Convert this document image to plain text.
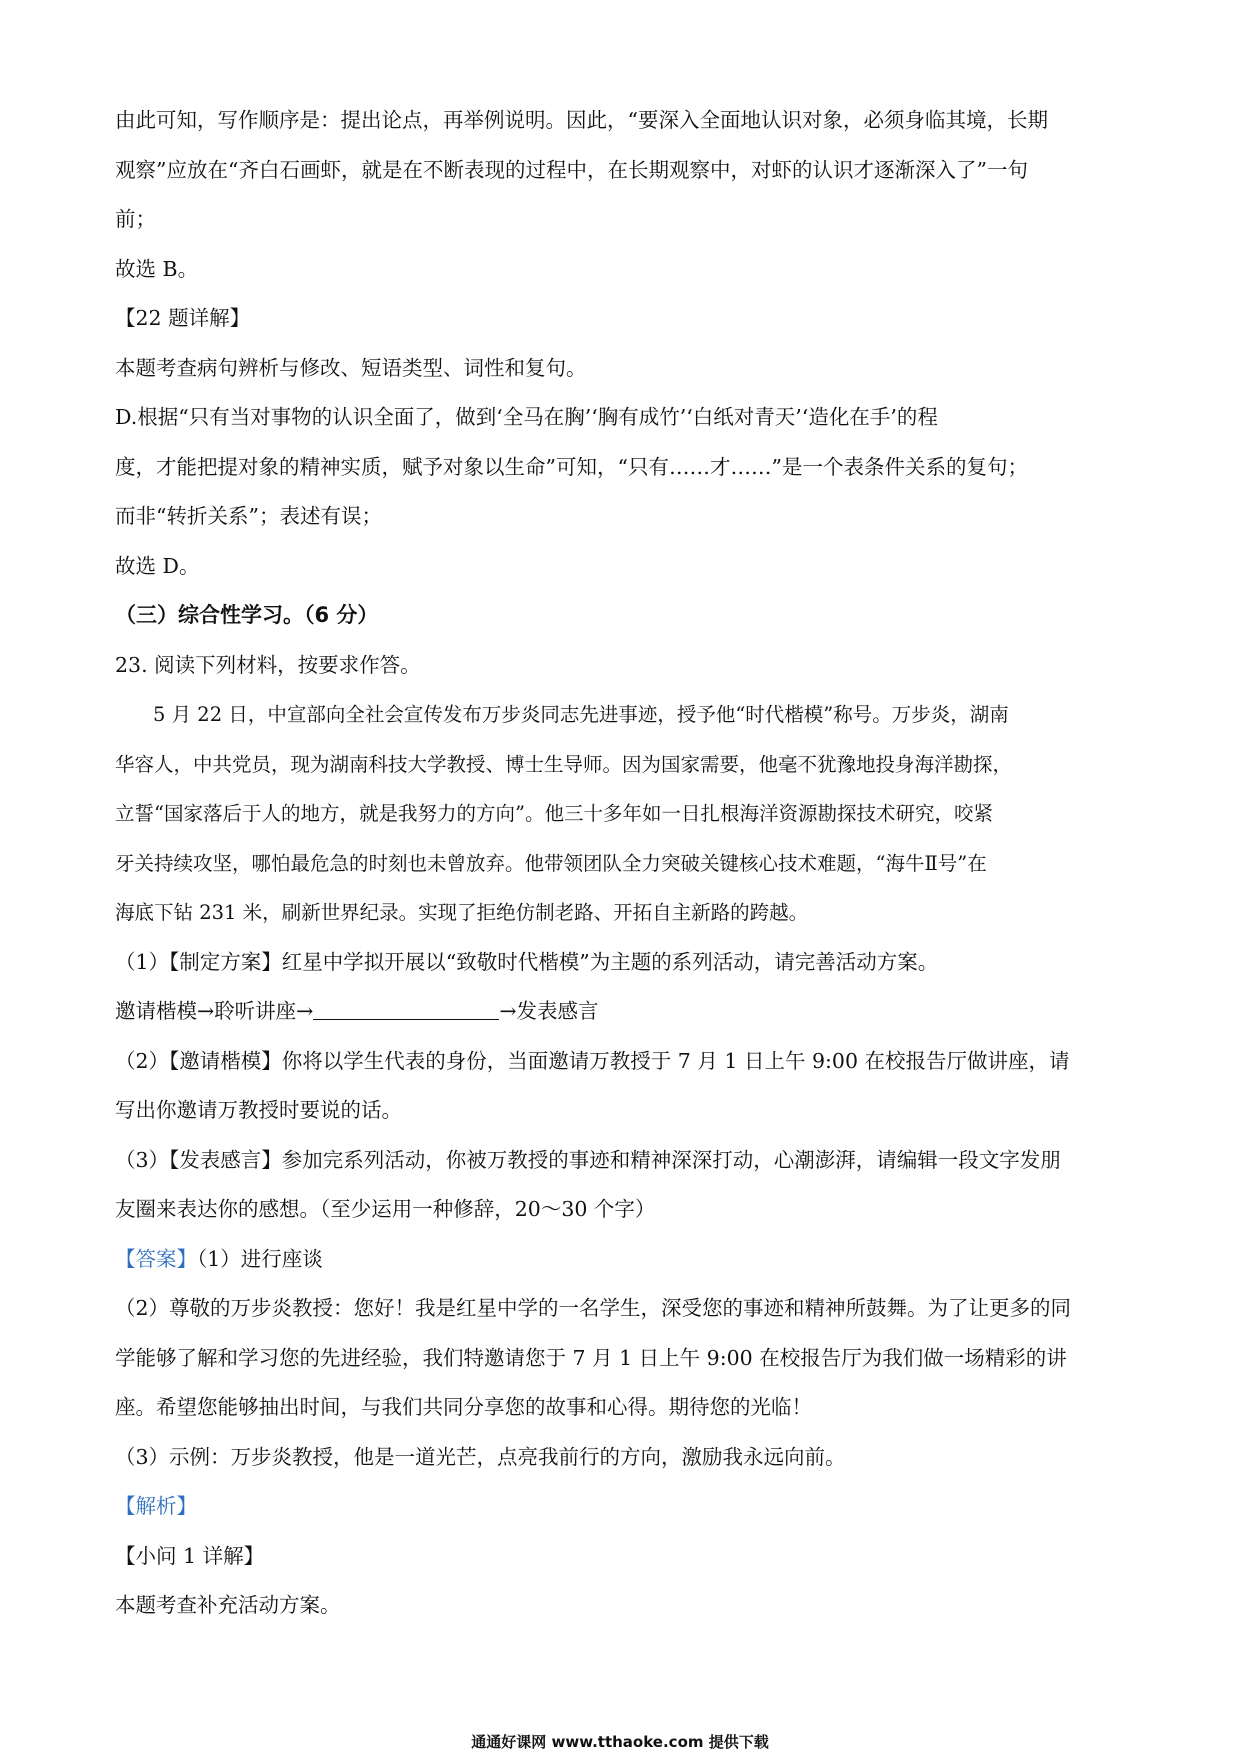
由此可知，写作顺序是：提出论点，再举例说明。因此，“要深入全面地认识对象，必须身临其境，长期
观察”应放在“齐白石画虾，就是在不断表现的过程中，在长期观察中，对虾的认识才逐渐深入了”一句
前；
故选 B。
【22 题详解】
本题考查病句辨析与修改、短语类型、词性和复句。
D.根据“只有当对事物的认识全面了，做到‘全马在胸’‘胸有成竹’‘白纸对青天’‘造化在手’的程
度，才能把提对象的精神实质，赋予对象以生命”可知，“只有……才……”是一个表条件关系的复句；
而非“转折关系”；表述有误；
故选 D。
（三）综合性学习。（6 分）
23. 阅读下列材料，按要求作答。
5 月 22 日，中宣部向全社会宣传发布万步炎同志先进事迹，授予他“时代楷模”称号。万步炎，湖南
华容人，中共党员，现为湖南科技大学教授、博士生导师。因为国家需要，他毫不犹豫地投身海洋勘探，
立誓“国家落后于人的地方，就是我努力的方向”。他三十多年如一日扎根海洋资源勘探技术研究，咬紧
牙关持续攻坚，哪怕最危急的时刻也未曾放弃。他带领团队全力突破关键核心技术难题，“海牛Ⅱ号”在
海底下钻 231 米，刷新世界纪录。实现了拒绝仿制老路、开拓自主新路的跨越。
（1）【制定方案】红星中学拟开展以“致敬时代楷模”为主题的系列活动，请完善活动方案。
邀请楷模→聆听讲座→	→发表感言
（2）【邀请楷模】你将以学生代表的身份，当面邀请万教授于 7 月 1 日上午 9:00 在校报告厅做讲座，请
写出你邀请万教授时要说的话。
（3）【发表感言】参加完系列活动，你被万教授的事迹和精神深深打动，心潮澎湃，请编辑一段文字发朋
友圈来表达你的感想。（至少运用一种修辞，20～30 个字）
【答案】（1）进行座谈
（2）尊敬的万步炎教授：您好！我是红星中学的一名学生，深受您的事迹和精神所鼓舞。为了让更多的同
学能够了解和学习您的先进经验，我们特邀请您于 7 月 1 日上午 9:00 在校报告厅为我们做一场精彩的讲
座。希望您能够抽出时间，与我们共同分享您的故事和心得。期待您的光临！
（3）示例：万步炎教授，他是一道光芒，点亮我前行的方向，激励我永远向前。
【解析】
【小问 1 详解】
本题考查补充活动方案。
通通好课网 www.tthaoke.com 提供下载
